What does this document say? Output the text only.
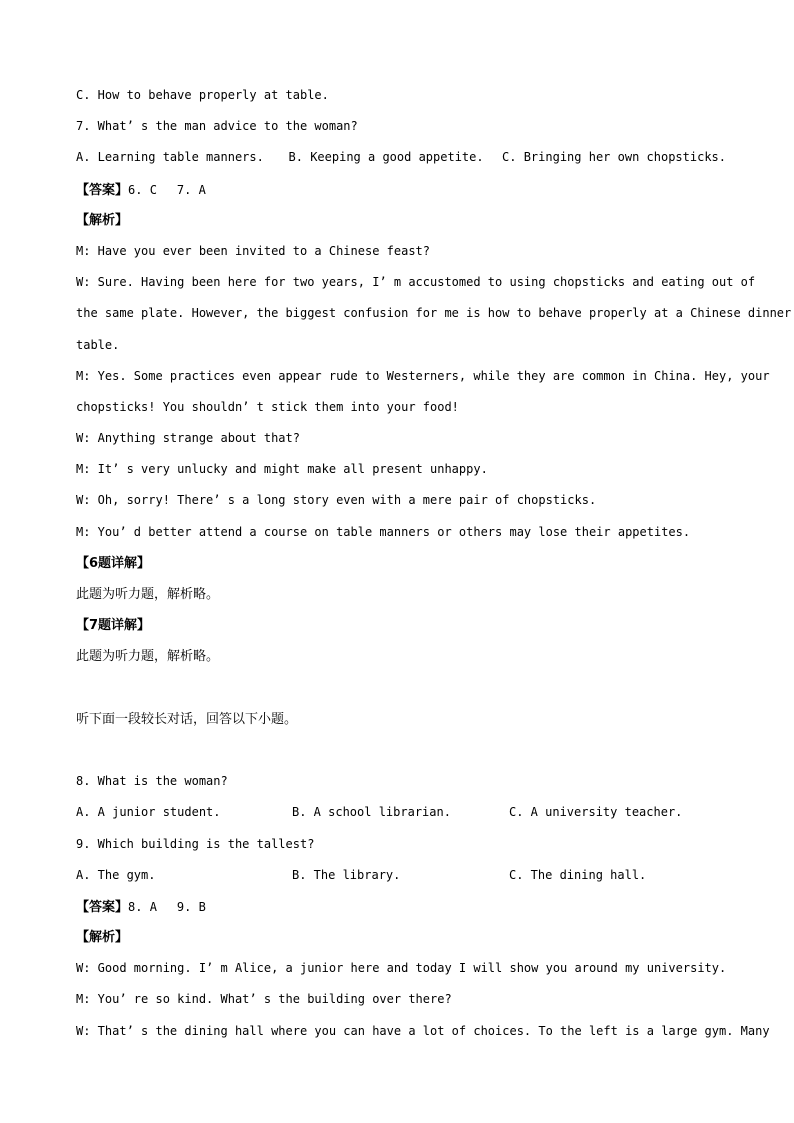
C. How to behave properly at table.
7. What’ s the man advice to the woman?
A. Learning table manners.	B. Keeping a good appetite.	C. Bringing her own chopsticks.
【答案】6. C 7. A
【解析】
M: Have you ever been invited to a Chinese feast?
W: Sure. Having been here for two years, I’ m accustomed to using chopsticks and eating out of
the same plate. However, the biggest confusion for me is how to behave properly at a Chinese dinner
table.
M: Yes. Some practices even appear rude to Westerners, while they are common in China. Hey, your
chopsticks! You shouldn’ t stick them into your food!
W: Anything strange about that?
M: It’ s very unlucky and might make all present unhappy.
W: Oh, sorry! There’ s a long story even with a mere pair of chopsticks.
M: You’ d better attend a course on table manners or others may lose their appetites.
【6题详解】
此题为听力题，解析略。
【7题详解】
此题为听力题，解析略。
听下面一段较长对话，回答以下小题。
8. What is the woman?
A. A junior student.	B. A school librarian.	C. A university teacher.
9. Which building is the tallest?
A. The gym.	B. The library.	C. The dining hall.
【答案】8. A 9. B
【解析】
W: Good morning. I’ m Alice, a junior here and today I will show you around my university.
M: You’ re so kind. What’ s the building over there?
W: That’ s the dining hall where you can have a lot of choices. To the left is a large gym. Many
